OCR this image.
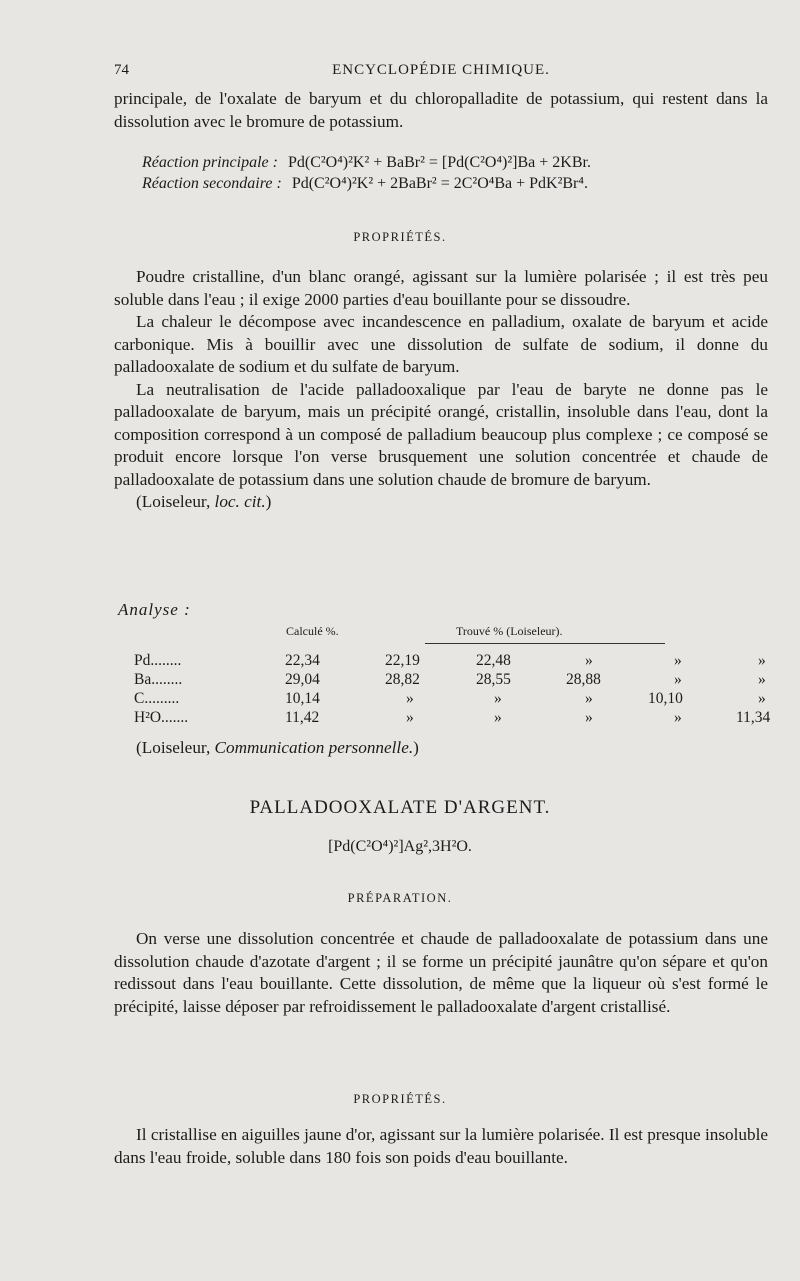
74	ENCYCLOPÉDIE CHIMIQUE.

principale, de l'oxalate de baryum et du chloropalladite de potassium, qui restent dans la dissolution avec le bromure de potassium.

Réaction principale : Pd(C²O⁴)²K² + BaBr² = [Pd(C²O⁴)²]Ba + 2KBr.
Réaction secondaire : Pd(C²O⁴)²K² + 2BaBr² = 2C²O⁴Ba + PdK²Br⁴.
PROPRIÉTÉS.

Poudre cristalline, d'un blanc orangé, agissant sur la lumière polarisée ; il est très peu soluble dans l'eau ; il exige 2000 parties d'eau bouillante pour se dissoudre.

La chaleur le décompose avec incandescence en palladium, oxalate de baryum et acide carbonique. Mis à bouillir avec une dissolution de sulfate de sodium, il donne du palladooxalate de sodium et du sulfate de baryum.

La neutralisation de l'acide palladooxalique par l'eau de baryte ne donne pas le palladooxalate de baryum, mais un précipité orangé, cristallin, insoluble dans l'eau, dont la composition correspond à un composé de palladium beaucoup plus complexe ; ce composé se produit encore lorsque l'on verse brusquement une solution concentrée et chaude de palladooxalate de potassium dans une solution chaude de bromure de baryum.

(Loiseleur, loc. cit.)

Analyse :
Calculé %.	Trouvé % (Loiseleur).
Pd........	22,34	22,19	22,48	»	»	»
Ba........	29,04	28,82	28,55	28,88	»	»
C.........	10,14	»	»	»	10,10	»
H²O.......	11,42	»	»	»	»	11,34

(Loiseleur, Communication personnelle.)

PALLADOOXALATE D'ARGENT.
[Pd(C²O⁴)²]Ag²,3H²O.
PRÉPARATION.

On verse une dissolution concentrée et chaude de palladooxalate de potassium dans une dissolution chaude d'azotate d'argent ; il se forme un précipité jaunâtre qu'on sépare et qu'on redissout dans l'eau bouillante. Cette dissolution, de même que la liqueur où s'est formé le précipité, laisse déposer par refroidissement le palladooxalate d'argent cristallisé.

PROPRIÉTÉS.

Il cristallise en aiguilles jaune d'or, agissant sur la lumière polarisée. Il est presque insoluble dans l'eau froide, soluble dans 180 fois son poids d'eau bouillante.
